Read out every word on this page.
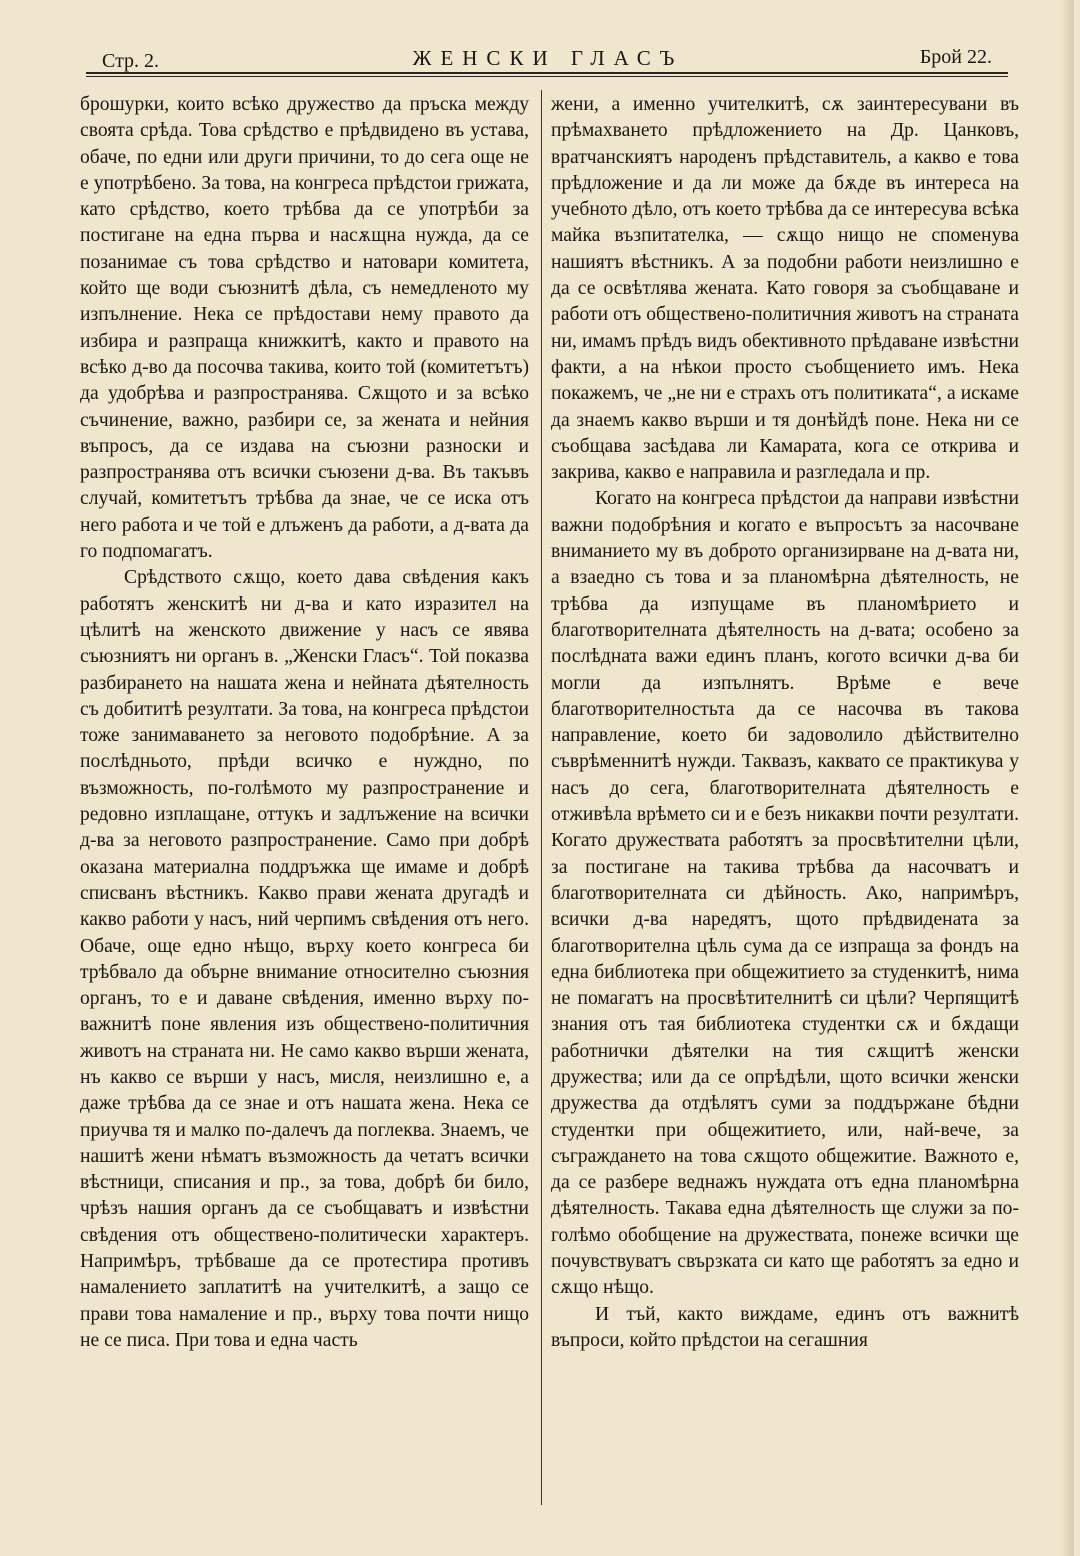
Стр. 2.	ЖЕНСКИ ГЛАСЪ	Брой 22.

брошурки, които всѣко дружество да пръска между своята срѣда. Това срѣдство е прѣдвидено въ устава, обаче, по едни или други причини, то до сега още не е употрѣбено. За това, на конгреса прѣдстои грижата, като срѣдство, което трѣбва да се употрѣби за постигане на една първа и насѫщна нужда, да се позанимае съ това срѣдство и натовари комитета, който ще води съюзнитѣ дѣла, съ немедленото му изпълнение. Нека се прѣдостави нему правото да избира и разпраща книжкитѣ, както и правото на всѣко д-во да посочва такива, които той (комитетътъ) да удобрѣва и разпространява. Сѫщото и за всѣко съчинение, важно, разбири се, за жената и нейния въпросъ, да се издава на съюзни разноски и разпространява отъ всички съюзени д-ва. Въ такъвъ случай, комитетътъ трѣбва да знае, че се иска отъ него работа и че той е длъженъ да работи, а д-вата да го подпомагатъ.

Срѣдството сѫщо, което дава свѣдения какъ работятъ женскитѣ ни д-ва и като изразител на цѣлитѣ на женското движение у насъ се явява съюзниятъ ни органъ в. „Женски Гласъ“. Той показва разбирането на нашата жена и нейната дѣятелность съ добититѣ резултати. За това, на конгреса прѣдстои тоже занимаването за неговото подобрѣние. А за послѣдньото, прѣди всичко е нуждно, по възможность, по-голѣмото му разпространение и редовно изплащане, оттукъ и задлъжение на всички д-ва за неговото разпространение. Само при добрѣ оказана материална поддръжка ще имаме и добрѣ списванъ вѣстникъ. Какво прави жената другадѣ и какво работи у насъ, ний черпимъ свѣдения отъ него. Обаче, още едно нѣщо, върху което конгреса би трѣбвало да обърне внимание относително съюзния органъ, то е и даване свѣдения, именно върху по-важнитѣ поне явления изъ обществено-политичния животъ на страната ни. Не само какво върши жената, нъ какво се върши у насъ, мисля, неизлишно е, а даже трѣбва да се знае и отъ нашата жена. Нека се приучва тя и малко по-далечъ да поглеква. Знаемъ, че нашитѣ жени нѣматъ възможность да четатъ всички вѣстници, списания и пр., за това, добрѣ би било, чрѣзъ нашия органъ да се съобщаватъ и извѣстни свѣдения отъ обществено-политически характеръ. Напримѣръ, трѣбваше да се протестира противъ намалението заплатитѣ на учителкитѣ, а защо се прави това намаление и пр., върху това почти нищо не се писа. При това и една часть

жени, а именно учителкитѣ, сѫ заинтересувани въ прѣмахването прѣдложението на Др. Цанковъ, вратчанскиятъ народенъ прѣдставитель, а какво е това прѣдложение и да ли може да бѫде въ интереса на учебното дѣло, отъ което трѣбва да се интересува всѣка майка възпитателка, — сѫщо нищо не споменува нашиятъ вѣстникъ. А за подобни работи неизлишно е да се освѣтлява жената. Като говоря за съобщаване и работи отъ обществено-политичния животъ на страната ни, имамъ прѣдъ видъ обективното прѣдаване извѣстни факти, а на нѣкои просто съобщението имъ. Нека покажемъ, че „не ни е страхъ отъ политиката“, а искаме да знаемъ какво върши и тя донѣйдѣ поне. Нека ни се съобщава засѣдава ли Камарата, кога се открива и закрива, какво е направила и разгледала и пр.

Когато на конгреса прѣдстои да направи извѣстни важни подобрѣния и когато е въпросътъ за насочване вниманието му въ доброто организирване на д-вата ни, а взаедно съ това и за планомѣрна дѣятелность, не трѣбва да изпущаме въ планомѣрието и благотворителната дѣятелность на д-вата; особено за послѣдната важи единъ планъ, когото всички д-ва би могли да изпълнятъ. Врѣме е вече благотворителностьта да се насочва въ такова направление, което би задоволило дѣйствително съврѣменнитѣ нужди. Таквазъ, каквато се практикува у насъ до сега, благотворителната дѣятелность е отживѣла врѣмето си и е безъ никакви почти резултати. Когато дружествата работятъ за просвѣтителни цѣли, за постигане на такива трѣбва да насочватъ и благотворителната си дѣйность. Ако, напримѣръ, всички д-ва наредятъ, щото прѣдвидената за благотворителна цѣль сума да се изпраща за фондъ на една библиотека при общежитието за студенкитѣ, нима не помагатъ на просвѣтителнитѣ си цѣли? Черпящитѣ знания отъ тая библиотека студентки сѫ и бѫдащи работнички дѣятелки на тия сѫщитѣ женски дружества; или да се опрѣдѣли, щото всички женски дружества да отдѣлятъ суми за поддържане бѣдни студентки при общежитието, или, най-вече, за съграждането на това сѫщото общежитие. Важното е, да се разбере веднажъ нуждата отъ една планомѣрна дѣятелность. Такава една дѣятелность ще служи за по-голѣмо обобщение на дружествата, понеже всички ще почувствуватъ свързката си като ще работятъ за едно и сѫщо нѣщо.

И тъй, както виждаме, единъ отъ важнитѣ въпроси, който прѣдстои на сегашния
